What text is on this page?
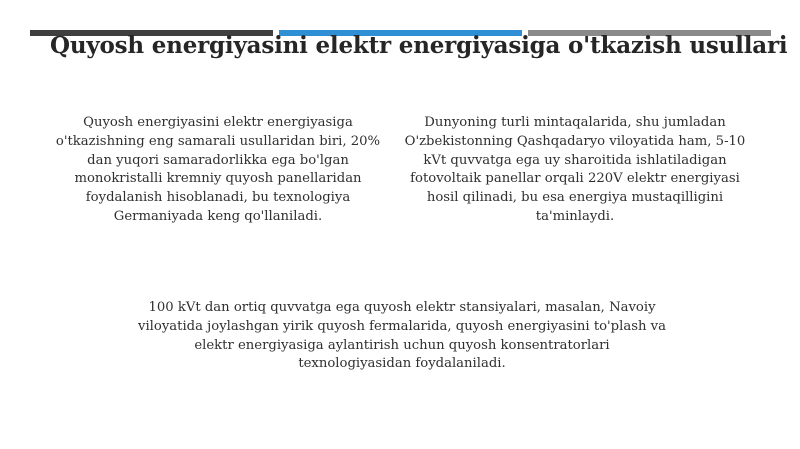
Quyosh energiyasini elektr energiyasiga o'tkazish usullari
Quyosh energiyasini elektr energiyasiga o'tkazishning eng samarali usullaridan biri, 20% dan yuqori samaradorlikka ega bo'lgan monokristalli kremniy quyosh panellaridan foydalanish hisoblanadi, bu texnologiya Germaniyada keng qo'llaniladi.
Dunyoning turli mintaqalarida, shu jumladan O'zbekistonning Qashqadaryo viloyatida ham, 5-10 kVt quvvatga ega uy sharoitida ishlatiladigan fotovoltaik panellar orqali 220V elektr energiyasi hosil qilinadi, bu esa energiya mustaqilligini ta'minlaydi.
100 kVt dan ortiq quvvatga ega quyosh elektr stansiyalari, masalan, Navoiy viloyatida joylashgan yirik quyosh fermalarida, quyosh energiyasini to'plash va elektr energiyasiga aylantirish uchun quyosh konsentratorlari texnologiyasidan foydalaniladi.
